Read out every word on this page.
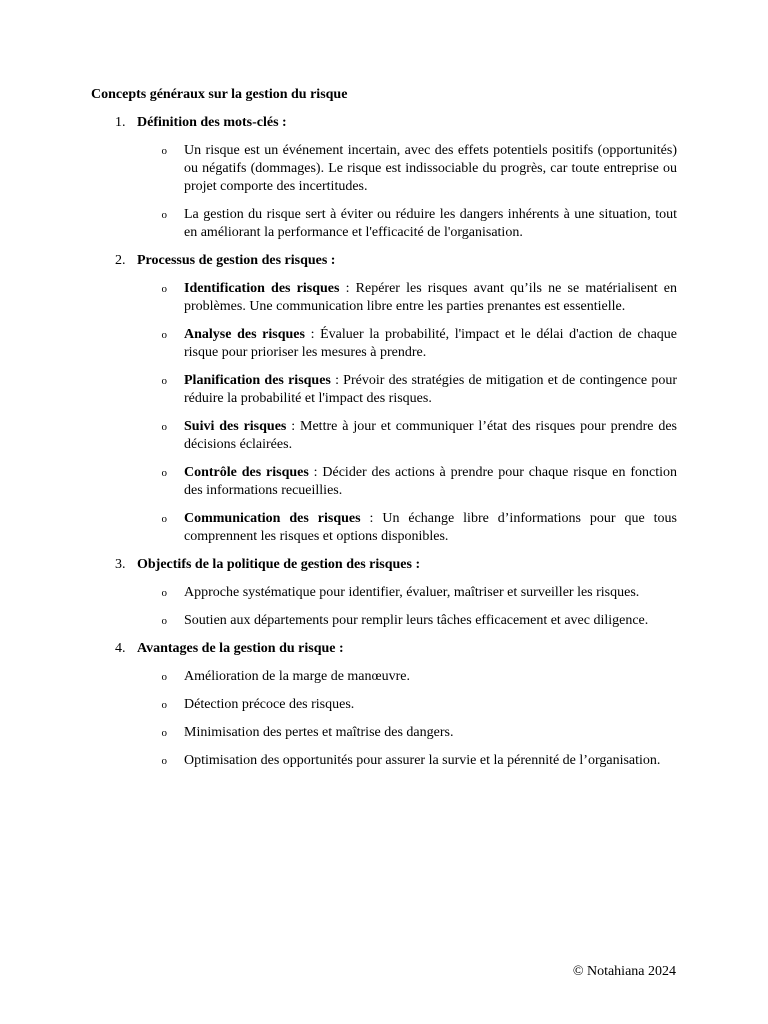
Concepts généraux sur la gestion du risque
1. Définition des mots-clés :
o	Un risque est un événement incertain, avec des effets potentiels positifs (opportunités) ou négatifs (dommages). Le risque est indissociable du progrès, car toute entreprise ou projet comporte des incertitudes.
o	La gestion du risque sert à éviter ou réduire les dangers inhérents à une situation, tout en améliorant la performance et l'efficacité de l'organisation.
2. Processus de gestion des risques :
o	Identification des risques : Repérer les risques avant qu’ils ne se matérialisent en problèmes. Une communication libre entre les parties prenantes est essentielle.
o	Analyse des risques : Évaluer la probabilité, l'impact et le délai d'action de chaque risque pour prioriser les mesures à prendre.
o	Planification des risques : Prévoir des stratégies de mitigation et de contingence pour réduire la probabilité et l'impact des risques.
o	Suivi des risques : Mettre à jour et communiquer l’état des risques pour prendre des décisions éclairées.
o	Contrôle des risques : Décider des actions à prendre pour chaque risque en fonction des informations recueillies.
o	Communication des risques : Un échange libre d’informations pour que tous comprennent les risques et options disponibles.
3. Objectifs de la politique de gestion des risques :
o	Approche systématique pour identifier, évaluer, maîtriser et surveiller les risques.
o	Soutien aux départements pour remplir leurs tâches efficacement et avec diligence.
4. Avantages de la gestion du risque :
o	Amélioration de la marge de manœuvre.
o	Détection précoce des risques.
o	Minimisation des pertes et maîtrise des dangers.
o	Optimisation des opportunités pour assurer la survie et la pérennité de l’organisation.
© Notahiana 2024
